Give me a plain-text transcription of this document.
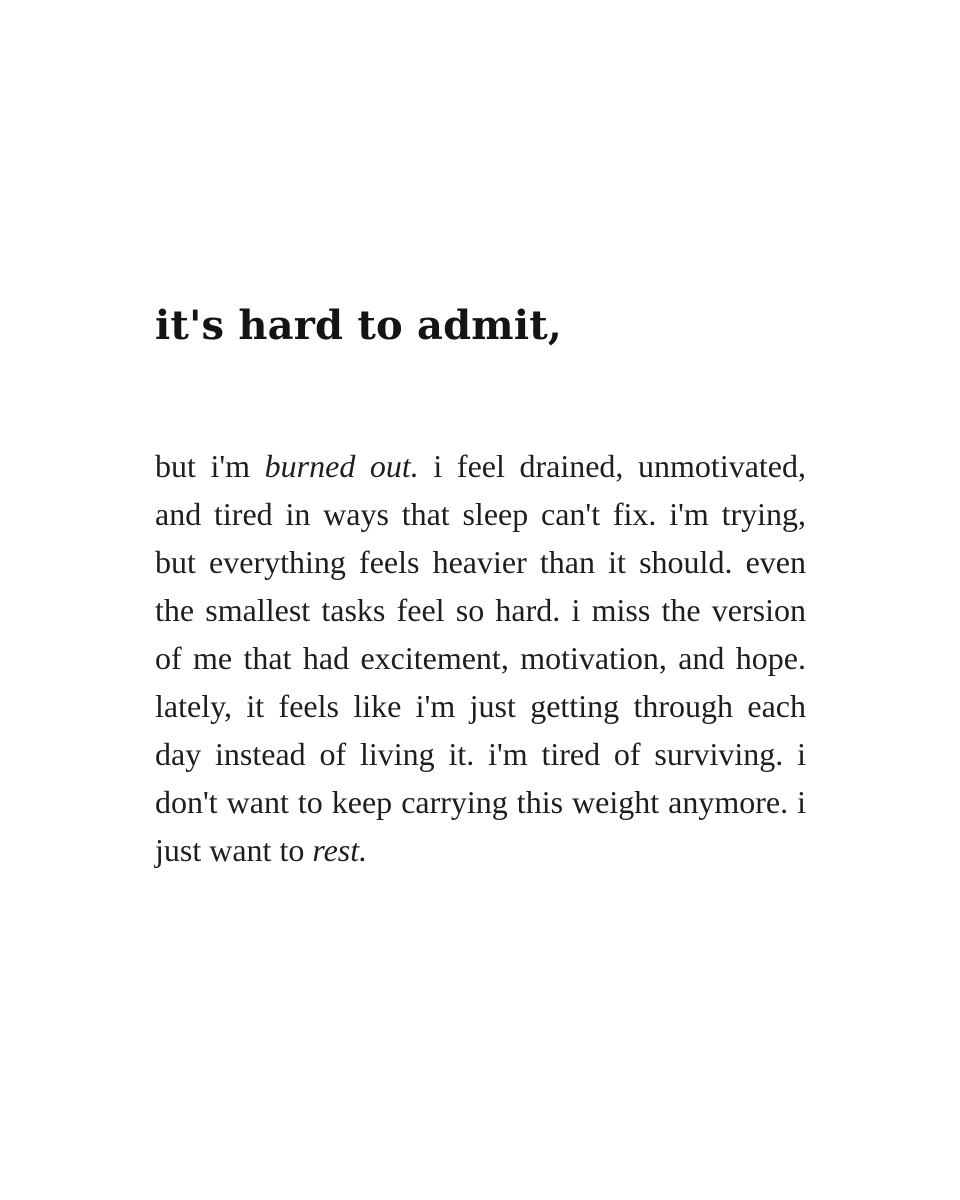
it's hard to admit,

but i'm burned out. i feel drained, unmotivated, and tired in ways that sleep can't fix. i'm trying, but everything feels heavier than it should. even the smallest tasks feel so hard. i miss the version of me that had excitement, motivation, and hope. lately, it feels like i'm just getting through each day instead of living it. i'm tired of surviving. i don't want to keep carrying this weight anymore. i just want to rest.
